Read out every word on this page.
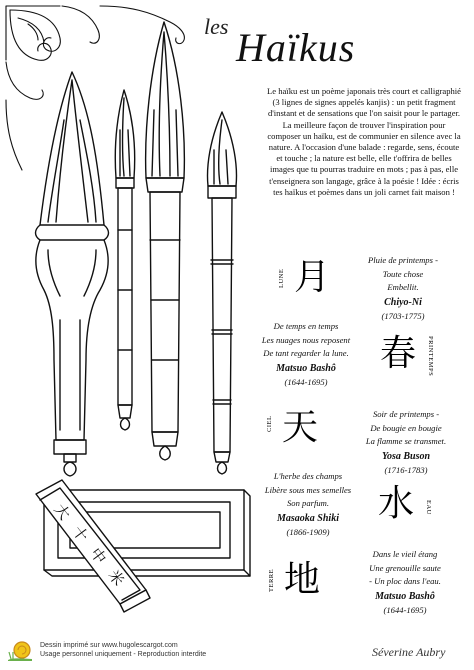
大
十
中
米
les Haïkus

Le haïku est un poème japonais très court et calligraphié (3 lignes de signes appelés kanjis) : un petit fragment d'instant et de sensations que l'on saisit pour le partager. La meilleure façon de trouver l'inspiration pour composer un haïku, est de communier en silence avec la nature. A l'occasion d'une balade : regarde, sens, écoute et touche ; la nature est belle, elle t'offrira de belles images que tu pourras traduire en mots ; pas à pas, elle t'enseignera son langage, grâce à la poésie ! Idée : écris tes haïkus et poèmes dans un joli carnet fait maison !

LUNE 月	Pluie de printemps -
Toute chose
Embellit.
Chiyo-Ni
(1703-1775)
De temps en temps
Les nuages nous reposent
De tant regarder la lune.
Matsuo Bashô
(1644-1695)
春 PRINTEMPS
CIEL 天	Soir de printemps -
De bougie en bougie
La flamme se transmet.
Yosa Buson
(1716-1783)
L'herbe des champs
Libère sous mes semelles
Son parfum.
Masaoka Shiki
(1866-1909)
水 EAU
TERRE 地
Dans le vieil étang
Une grenouille saute
- Un ploc dans l'eau.
Matsuo Bashô
(1644-1695)
Dessin imprimé sur www.hugolescargot.com
Usage personnel uniquement - Reproduction interdite	Séverine Aubry
